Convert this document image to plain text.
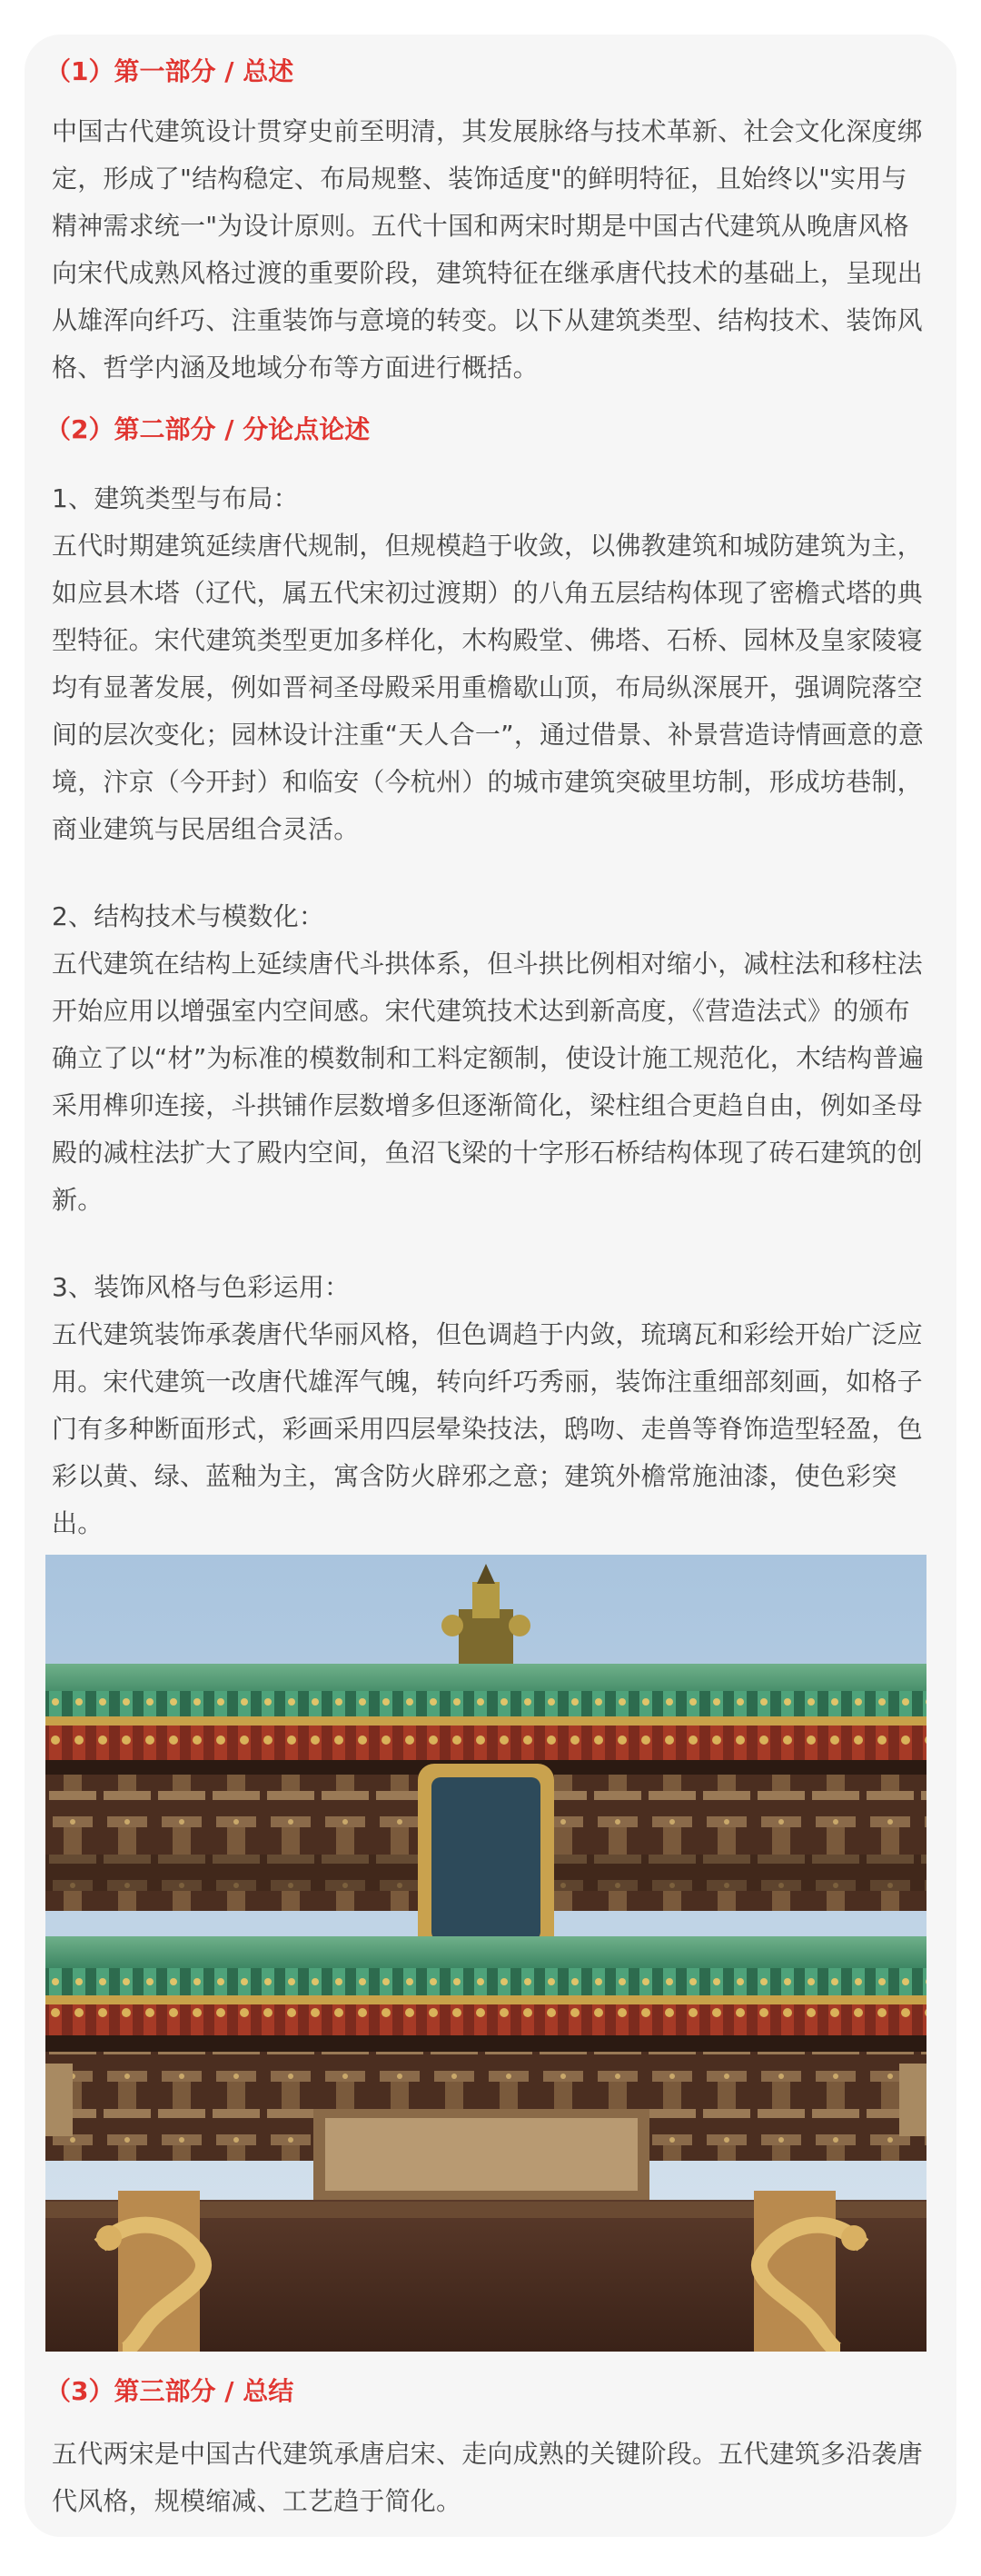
（1）第一部分 / 总述

中国古代建筑设计贯穿史前至明清，其发展脉络与技术革新、社会文化深度绑定，形成了"结构稳定、布局规整、装饰适度"的鲜明特征，且始终以"实用与精神需求统一"为设计原则。五代十国和两宋时期是中国古代建筑从晚唐风格向宋代成熟风格过渡的重要阶段，建筑特征在继承唐代技术的基础上，呈现出从雄浑向纤巧、注重装饰与意境的转变。以下从建筑类型、结构技术、装饰风格、哲学内涵及地域分布等方面进行概括。

（2）第二部分 / 分论点论述

1、建筑类型与布局：

五代时期建筑延续唐代规制，但规模趋于收敛，以佛教建筑和城防建筑为主，如应县木塔（辽代，属五代宋初过渡期）的八角五层结构体现了密檐式塔的典型特征。宋代建筑类型更加多样化，木构殿堂、佛塔、石桥、园林及皇家陵寝均有显著发展，例如晋祠圣母殿采用重檐歇山顶，布局纵深展开，强调院落空间的层次变化；园林设计注重“天人合一”，通过借景、补景营造诗情画意的意境，汴京（今开封）和临安（今杭州）的城市建筑突破里坊制，形成坊巷制，商业建筑与民居组合灵活。

2、结构技术与模数化：

五代建筑在结构上延续唐代斗拱体系，但斗拱比例相对缩小，减柱法和移柱法开始应用以增强室内空间感。宋代建筑技术达到新高度，《营造法式》的颁布确立了以“材”为标准的模数制和工料定额制，使设计施工规范化，木结构普遍采用榫卯连接，斗拱铺作层数增多但逐渐简化，梁柱组合更趋自由，例如圣母殿的减柱法扩大了殿内空间，鱼沼飞梁的十字形石桥结构体现了砖石建筑的创新。

3、装饰风格与色彩运用：

五代建筑装饰承袭唐代华丽风格，但色调趋于内敛，琉璃瓦和彩绘开始广泛应用。宋代建筑一改唐代雄浑气魄，转向纤巧秀丽，装饰注重细部刻画，如格子门有多种断面形式，彩画采用四层晕染技法，鸱吻、走兽等脊饰造型轻盈，色彩以黄、绿、蓝釉为主，寓含防火辟邪之意；建筑外檐常施油漆，使色彩突出。

（3）第三部分 / 总结

五代两宋是中国古代建筑承唐启宋、走向成熟的关键阶段。五代建筑多沿袭唐代风格，规模缩减、工艺趋于简化。
